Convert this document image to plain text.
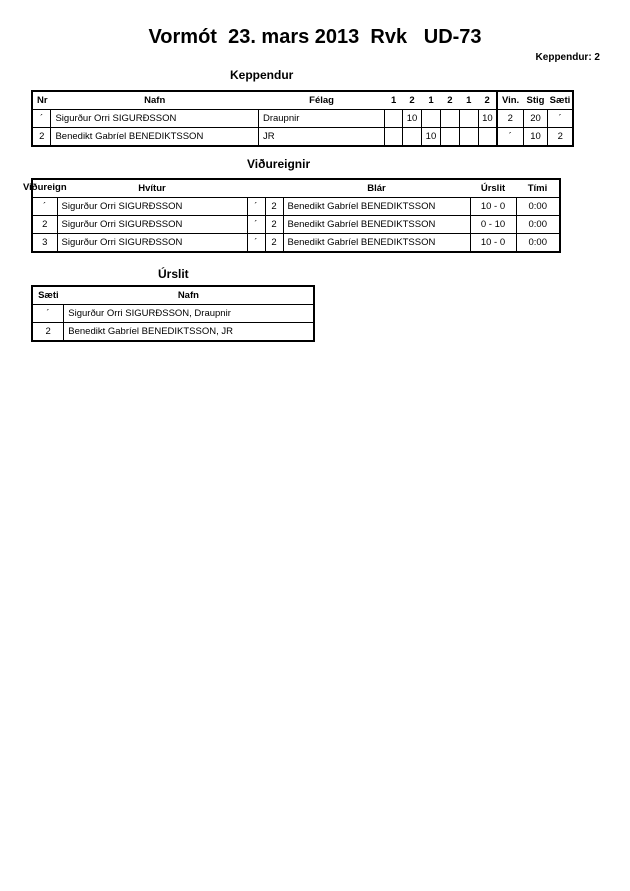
Vormót  23. mars 2013  Rvk   UD-73
Keppendur: 2
Keppendur
Nr	Nafn	Félag	1	2	1	2	1	2	Vin.	Stig	Sæti
´	Sigurður Orri SIGURÐSSON	Draupnir		10				10	2	20	´
2	Benedikt Gabríel BENEDIKTSSON	JR			10				´	10	2
Viðureignir
Viðureign	Hvítur			Blár	Úrslit	Tími
´	Sigurður Orri SIGURÐSSON	´	2	Benedikt Gabríel BENEDIKTSSON	10 - 0	0:00
2	Sigurður Orri SIGURÐSSON	´	2	Benedikt Gabríel BENEDIKTSSON	0 - 10	0:00
3	Sigurður Orri SIGURÐSSON	´	2	Benedikt Gabríel BENEDIKTSSON	10 - 0	0:00
Úrslit
Sæti	Nafn
´	Sigurður Orri SIGURÐSSON, Draupnir
2	Benedikt Gabríel BENEDIKTSSON, JR
